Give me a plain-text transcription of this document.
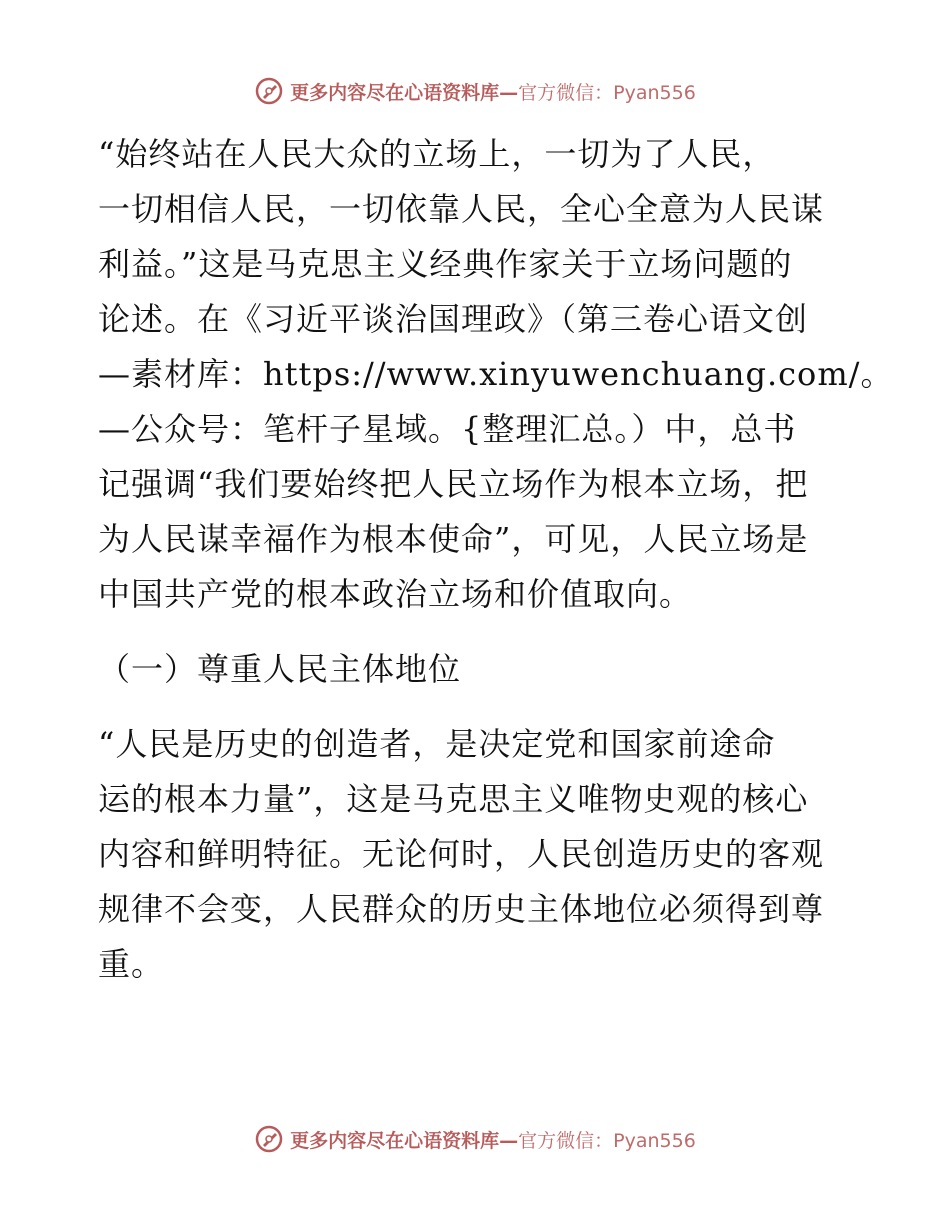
更多内容尽在心语资料库—官方微信：Pyan556
“始终站在人民大众的立场上，一切为了人民，
一切相信人民，一切依靠人民，全心全意为人民谋
利益。”这是马克思主义经典作家关于立场问题的
论述。在《习近平谈治国理政》（第三卷心语文创
—素材库：https://www.xinyuwenchuang.com/。
—公众号：笔杆子星域。{整理汇总。）中，总书
记强调“我们要始终把人民立场作为根本立场，把
为人民谋幸福作为根本使命”，可见，人民立场是
中国共产党的根本政治立场和价值取向。
（一）尊重人民主体地位
“人民是历史的创造者，是决定党和国家前途命
运的根本力量”，这是马克思主义唯物史观的核心
内容和鲜明特征。无论何时，人民创造历史的客观
规律不会变，人民群众的历史主体地位必须得到尊
重。
更多内容尽在心语资料库—官方微信：Pyan556
